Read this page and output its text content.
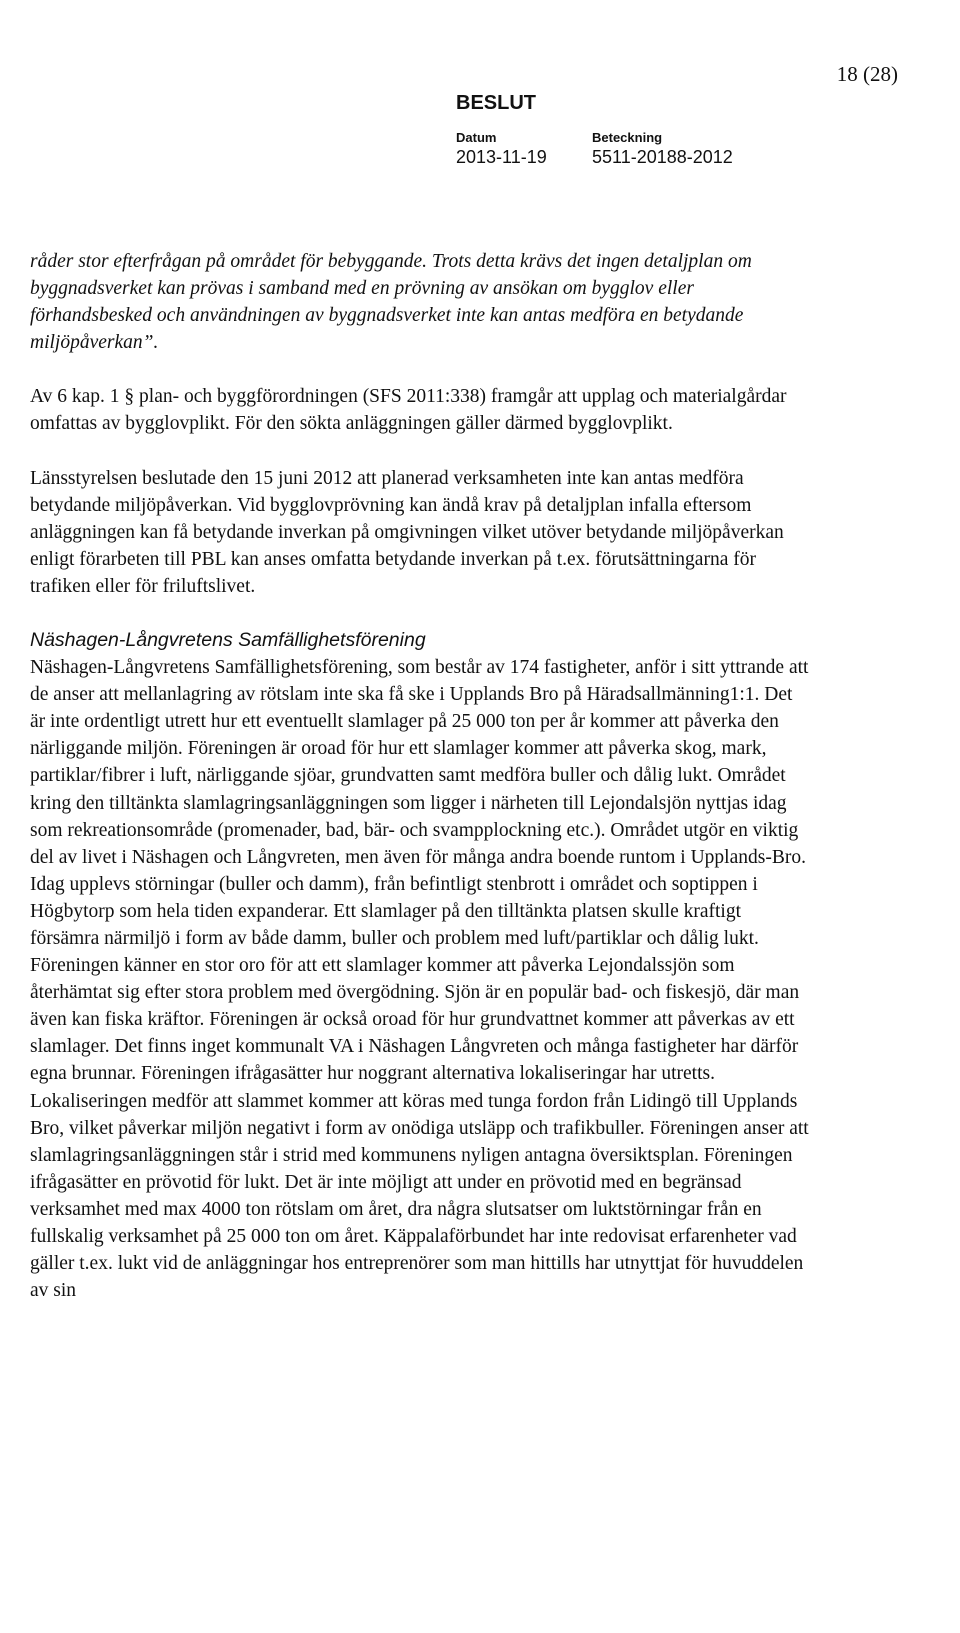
18 (28)
BESLUT
Datum
2013-11-19
Beteckning
5511-20188-2012

råder stor efterfrågan på området för bebyggande. Trots detta krävs det ingen detaljplan om byggnadsverket kan prövas i samband med en prövning av ansökan om bygglov eller förhandsbesked och användningen av byggnadsverket inte kan antas medföra en betydande miljöpåverkan”.

Av 6 kap. 1 § plan- och byggförordningen (SFS 2011:338) framgår att upplag och materialgårdar omfattas av bygglovplikt. För den sökta anläggningen gäller därmed bygglovplikt.

Länsstyrelsen beslutade den 15 juni 2012 att planerad verksamheten inte kan antas medföra betydande miljöpåverkan. Vid bygglovprövning kan ändå krav på detaljplan infalla eftersom anläggningen kan få betydande inverkan på omgivningen vilket utöver betydande miljöpåverkan enligt förarbeten till PBL kan anses omfatta betydande inverkan på t.ex. förutsättningarna för trafiken eller för friluftslivet.

Näshagen-Långvretens Samfällighetsförening

Näshagen-Långvretens Samfällighetsförening, som består av 174 fastigheter, anför i sitt yttrande att de anser att mellanlagring av rötslam inte ska få ske i Upplands Bro på Häradsallmänning1:1. Det är inte ordentligt utrett hur ett eventuellt slamlager på 25 000 ton per år kommer att påverka den närliggande miljön. Föreningen är oroad för hur ett slamlager kommer att påverka skog, mark, partiklar/fibrer i luft, närliggande sjöar, grundvatten samt medföra buller och dålig lukt. Området kring den tilltänkta slamlagringsanläggningen som ligger i närheten till Lejondalsjön nyttjas idag som rekreationsområde (promenader, bad, bär- och svampplockning etc.). Området utgör en viktig del av livet i Näshagen och Långvreten, men även för många andra boende runtom i Upplands-Bro. Idag upplevs störningar (buller och damm), från befintligt stenbrott i området och soptippen i Högbytorp som hela tiden expanderar. Ett slamlager på den tilltänkta platsen skulle kraftigt försämra närmiljö i form av både damm, buller och problem med luft/partiklar och dålig lukt. Föreningen känner en stor oro för att ett slamlager kommer att påverka Lejondalssjön som återhämtat sig efter stora problem med övergödning. Sjön är en populär bad- och fiskesjö, där man även kan fiska kräftor. Föreningen är också oroad för hur grundvattnet kommer att påverkas av ett slamlager. Det finns inget kommunalt VA i Näshagen Långvreten och många fastigheter har därför egna brunnar. Föreningen ifrågasätter hur noggrant alternativa lokaliseringar har utretts. Lokaliseringen medför att slammet kommer att köras med tunga fordon från Lidingö till Upplands Bro, vilket påverkar miljön negativt i form av onödiga utsläpp och trafikbuller. Föreningen anser att slamlagringsanläggningen står i strid med kommunens nyligen antagna översiktsplan. Föreningen ifrågasätter en prövotid för lukt. Det är inte möjligt att under en prövotid med en begränsad verksamhet med max 4000 ton rötslam om året, dra några slutsatser om luktstörningar från en fullskalig verksamhet på 25 000 ton om året. Käppalaförbundet har inte redovisat erfarenheter vad gäller t.ex. lukt vid de anläggningar hos entreprenörer som man hittills har utnyttjat för huvuddelen av sin
